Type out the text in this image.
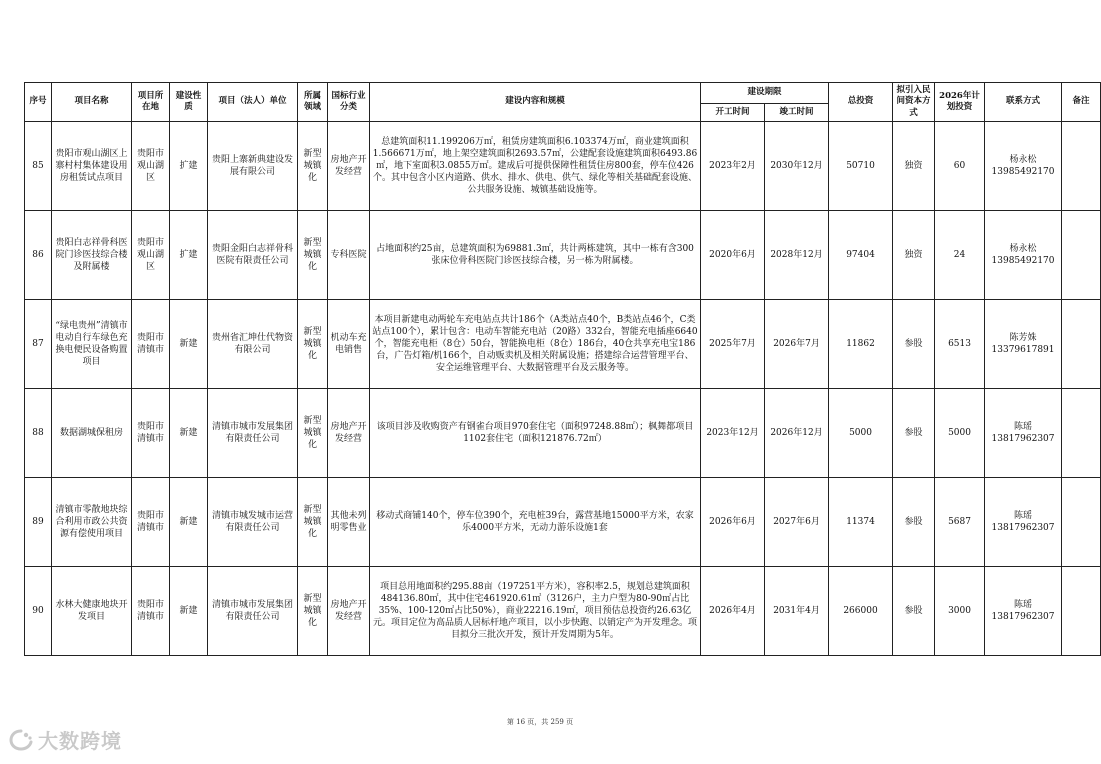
序号	项目名称	项目所在地	建设性质	项目（法人）单位	所属领域	国标行业分类	建设内容和规模	建设期限		总投资	拟引入民间资本方式	2026年计划投资	联系方式	备注
								开工时间	竣工时间					
85	贵阳市观山湖区上寨村村集体建设用房租赁试点项目	贵阳市观山湖区	扩建	贵阳上寨新典建设发展有限公司	新型城镇化	房地产开发经营	总建筑面积11.199206万㎡，租赁房建筑面积6.103374万㎡，商业建筑面积1.566671万㎡，地上架空建筑面积2693.57㎡，公建配套设施建筑面积6493.86㎡，地下室面积3.0855万㎡。建成后可提供保障性租赁住房800套，停车位426个。其中包含小区内道路、供水、排水、供电、供气、绿化等相关基础配套设施、公共服务设施、城镇基础设施等。	2023年2月	2030年12月	50710	独资	60	杨永松
13985492170	

86	贵阳白志祥骨科医院门诊医技综合楼及附属楼	贵阳市观山湖区	扩建	贵阳金阳白志祥骨科医院有限责任公司	新型城镇化	专科医院	占地面积约25亩，总建筑面积为69881.3㎡，共计两栋建筑，其中一栋有含300张床位骨科医院门诊医技综合楼，另一栋为附属楼。	2020年6月	2028年12月	97404	独资	24	杨永松
13985492170	

87	“绿电贵州”清镇市电动自行车绿色充换电便民设备购置项目	贵阳市清镇市	新建	贵州省汇坤仕代物资有限公司	新型城镇化	机动车充电销售	本项目新建电动两轮车充电站点共计186个（A类站点40个，B类站点46个，C类站点100个），累计包含：电动车智能充电站（20路）332台，智能充电插座6640个，智能充电柜（8仓）50台，智能换电柜（8仓）186台，40仓共享充电宝186台，广告灯箱/机166个，自动贩卖机及相关附属设施；搭建综合运营管理平台、安全运维管理平台、大数据管理平台及云服务等。	2025年7月	2026年7月	11862	参股	6513	陈芳姝
13379617891	

88	数据湖城保租房	贵阳市清镇市	新建	清镇市城市发展集团有限责任公司	新型城镇化	房地产开发经营	该项目涉及收购资产有钢雀台项目970套住宅（面积97248.88㎡）；枫舞都项目1102套住宅（面积121876.72㎡）	2023年12月	2026年12月	5000	参股	5000	陈瑶
13817962307	

89	清镇市零散地块综合利用市政公共资源有偿使用项目	贵阳市清镇市	新建	清镇市城发城市运营有限责任公司	新型城镇化	其他未列明零售业	移动式商铺140个，停车位390个，充电桩39台，露营基地15000平方米，农家乐4000平方米，无动力游乐设施1套	2026年6月	2027年6月	11374	参股	5687	陈瑶
13817962307	

90	水林大健康地块开发项目	贵阳市清镇市	新建	清镇市城市发展集团有限责任公司	新型城镇化	房地产开发经营	项目总用地面积约295.88亩（197251平方米），容积率2.5，规划总建筑面积484136.80㎡，其中住宅461920.61㎡（3126户，主力户型为80-90㎡占比35%、100-120㎡占比50%），商业22216.19㎡，项目预估总投资约26.63亿元。项目定位为高品质人居标杆地产项目，以小步快跑、以销定产为开发理念。项目拟分三批次开发，预计开发周期为5年。	2026年4月	2031年4月	266000	参股	3000	陈瑶
13817962307	

第 16 页，共 259 页
大数跨境
